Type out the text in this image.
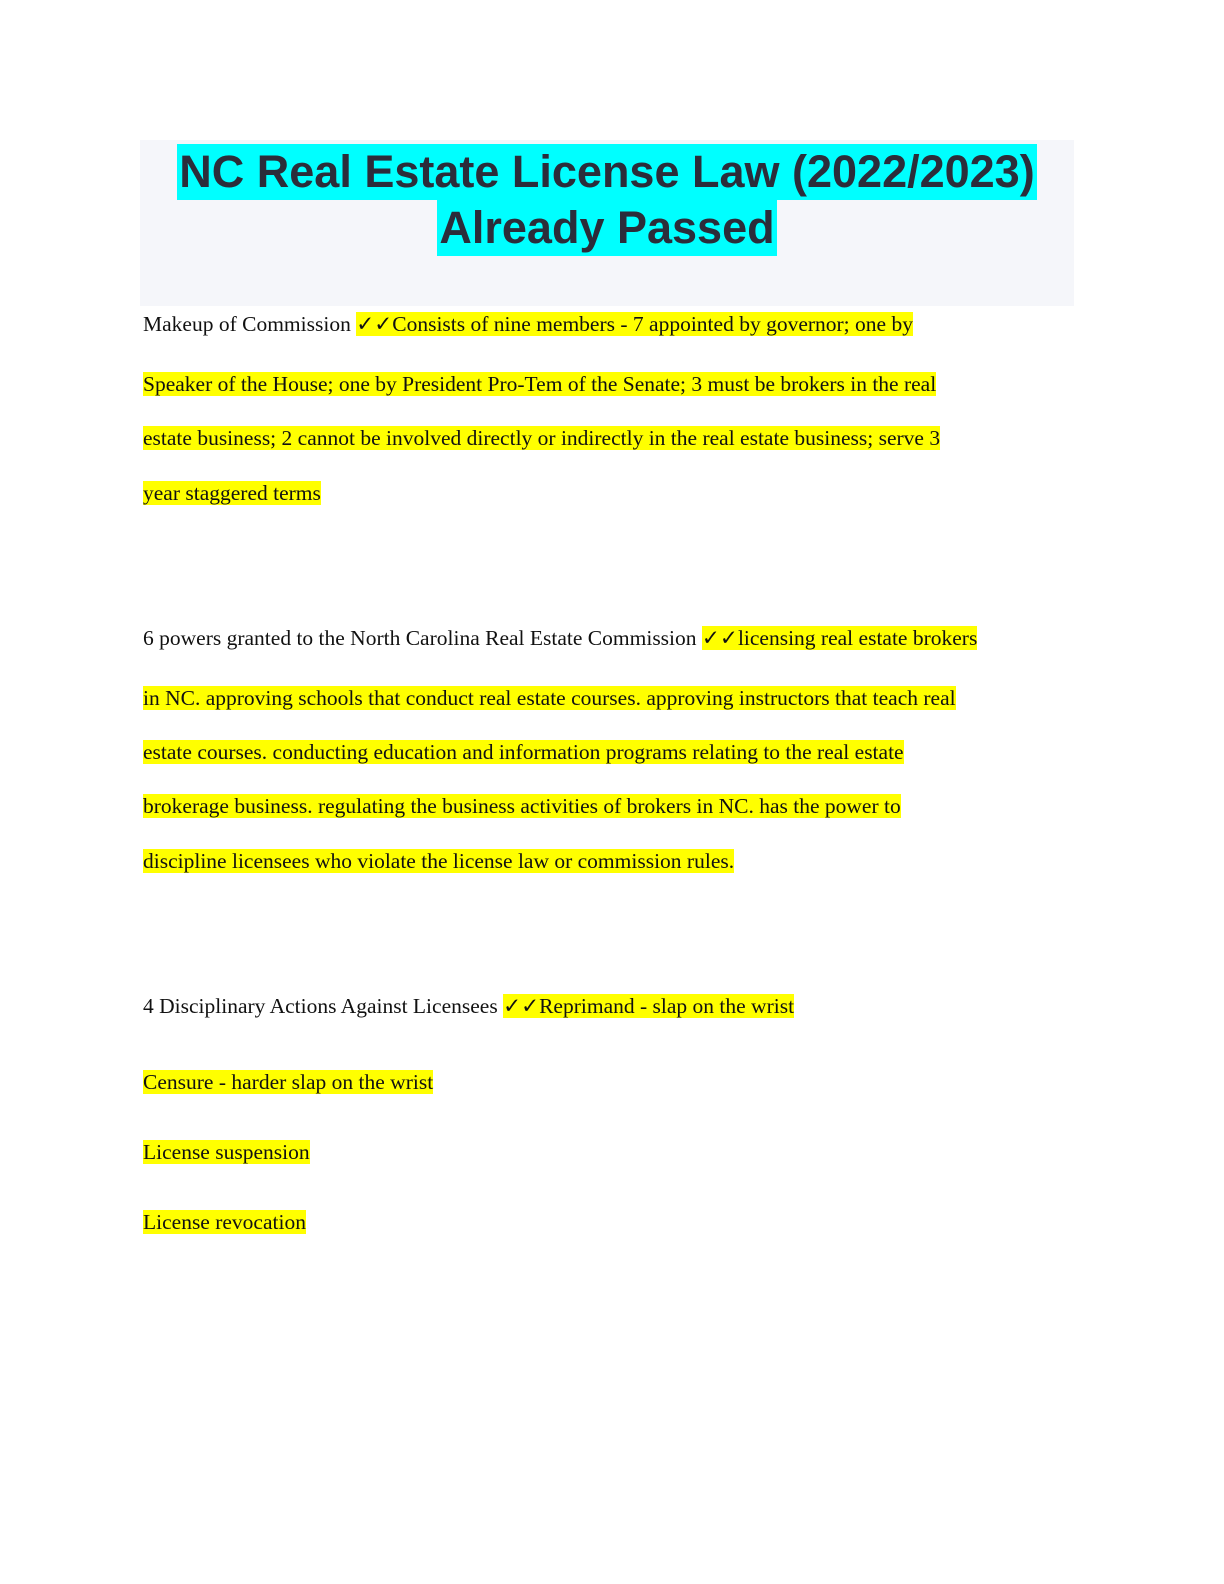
NC Real Estate License Law (2022/2023)
Already Passed
Makeup of Commission ✓✓Consists of nine members - 7 appointed by governor; one by
Speaker of the House; one by President Pro-Tem of the Senate; 3 must be brokers in the real
estate business; 2 cannot be involved directly or indirectly in the real estate business; serve 3
year staggered terms
6 powers granted to the North Carolina Real Estate Commission ✓✓licensing real estate brokers
in NC. approving schools that conduct real estate courses. approving instructors that teach real
estate courses. conducting education and information programs relating to the real estate
brokerage business. regulating the business activities of brokers in NC. has the power to
discipline licensees who violate the license law or commission rules.
4 Disciplinary Actions Against Licensees ✓✓Reprimand - slap on the wrist
Censure - harder slap on the wrist
License suspension
License revocation
